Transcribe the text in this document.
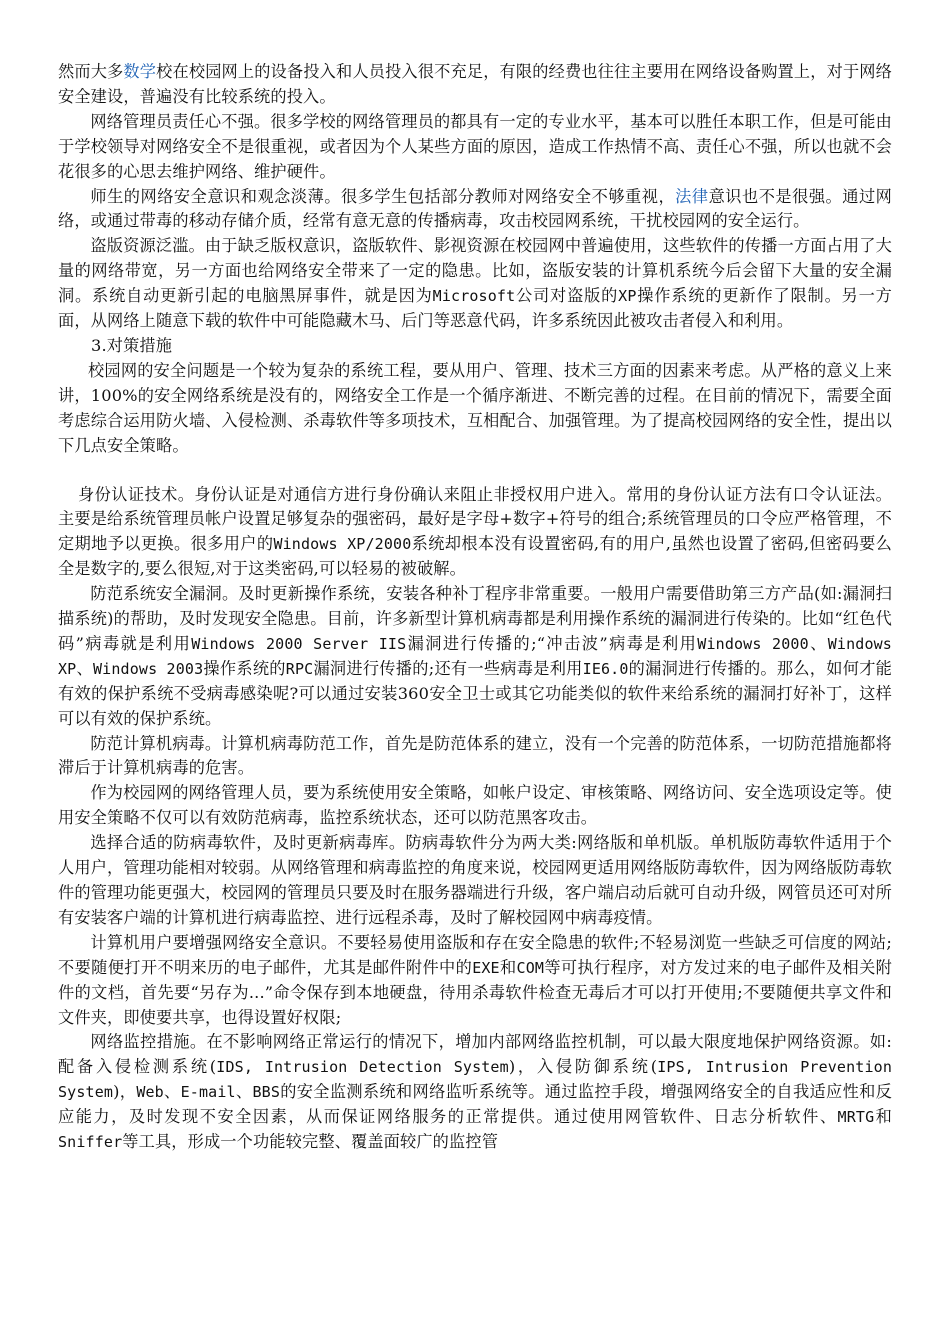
然而大多数学校在校园网上的设备投入和人员投入很不充足，有限的经费也往往主要用在网络设备购置上，对于网络安全建设，普遍没有比较系统的投入。

网络管理员责任心不强。很多学校的网络管理员的都具有一定的专业水平，基本可以胜任本职工作，但是可能由于学校领导对网络安全不是很重视，或者因为个人某些方面的原因，造成工作热情不高、责任心不强，所以也就不会花很多的心思去维护网络、维护硬件。

师生的网络安全意识和观念淡薄。很多学生包括部分教师对网络安全不够重视，法律意识也不是很强。通过网络，或通过带毒的移动存储介质，经常有意无意的传播病毒，攻击校园网系统，干扰校园网的安全运行。

盗版资源泛滥。由于缺乏版权意识，盗版软件、影视资源在校园网中普遍使用，这些软件的传播一方面占用了大量的网络带宽，另一方面也给网络安全带来了一定的隐患。比如，盗版安装的计算机系统今后会留下大量的安全漏洞。系统自动更新引起的电脑黑屏事件，就是因为Microsoft公司对盗版的XP操作系统的更新作了限制。另一方面，从网络上随意下载的软件中可能隐藏木马、后门等恶意代码，许多系统因此被攻击者侵入和利用。

3.对策措施

校园网的安全问题是一个较为复杂的系统工程，要从用户、管理、技术三方面的因素来考虑。从严格的意义上来讲，100%的安全网络系统是没有的，网络安全工作是一个循序渐进、不断完善的过程。在目前的情况下，需要全面考虑综合运用防火墙、入侵检测、杀毒软件等多项技术，互相配合、加强管理。为了提高校园网络的安全性，提出以下几点安全策略。

身份认证技术。身份认证是对通信方进行身份确认来阻止非授权用户进入。常用的身份认证方法有口令认证法。主要是给系统管理员帐户设置足够复杂的强密码，最好是字母+数字+符号的组合;系统管理员的口令应严格管理，不定期地予以更换。很多用户的Windows XP/2000系统却根本没有设置密码,有的用户,虽然也设置了密码,但密码要么全是数字的,要么很短,对于这类密码,可以轻易的被破解。

防范系统安全漏洞。及时更新操作系统，安装各种补丁程序非常重要。一般用户需要借助第三方产品(如:漏洞扫描系统)的帮助，及时发现安全隐患。目前，许多新型计算机病毒都是利用操作系统的漏洞进行传染的。比如“红色代码”病毒就是利用Windows 2000 Server IIS漏洞进行传播的;“冲击波”病毒是利用Windows 2000、Windows XP、Windows 2003操作系统的RPC漏洞进行传播的;还有一些病毒是利用IE6.0的漏洞进行传播的。那么，如何才能有效的保护系统不受病毒感染呢?可以通过安装360安全卫士或其它功能类似的软件来给系统的漏洞打好补丁，这样可以有效的保护系统。

防范计算机病毒。计算机病毒防范工作，首先是防范体系的建立，没有一个完善的防范体系，一切防范措施都将滞后于计算机病毒的危害。

作为校园网的网络管理人员，要为系统使用安全策略，如帐户设定、审核策略、网络访问、安全选项设定等。使用安全策略不仅可以有效防范病毒，监控系统状态，还可以防范黑客攻击。

选择合适的防病毒软件，及时更新病毒库。防病毒软件分为两大类:网络版和单机版。单机版防毒软件适用于个人用户，管理功能相对较弱。从网络管理和病毒监控的角度来说，校园网更适用网络版防毒软件，因为网络版防毒软件的管理功能更强大，校园网的管理员只要及时在服务器端进行升级，客户端启动后就可自动升级，网管员还可对所有安装客户端的计算机进行病毒监控、进行远程杀毒，及时了解校园网中病毒疫情。

计算机用户要增强网络安全意识。不要轻易使用盗版和存在安全隐患的软件;不轻易浏览一些缺乏可信度的网站;不要随便打开不明来历的电子邮件，尤其是邮件附件中的EXE和COM等可执行程序，对方发过来的电子邮件及相关附件的文档，首先要“另存为...”命令保存到本地硬盘，待用杀毒软件检查无毒后才可以打开使用;不要随便共享文件和文件夹，即使要共享，也得设置好权限;

网络监控措施。在不影响网络正常运行的情况下，增加内部网络监控机制，可以最大限度地保护网络资源。如:配备入侵检测系统(IDS, Intrusion Detection System)，入侵防御系统(IPS, Intrusion Prevention System)，Web、E-mail、BBS的安全监测系统和网络监听系统等。通过监控手段，增强网络安全的自我适应性和反应能力，及时发现不安全因素，从而保证网络服务的正常提供。通过使用网管软件、日志分析软件、MRTG和Sniffer等工具，形成一个功能较完整、覆盖面较广的监控管
